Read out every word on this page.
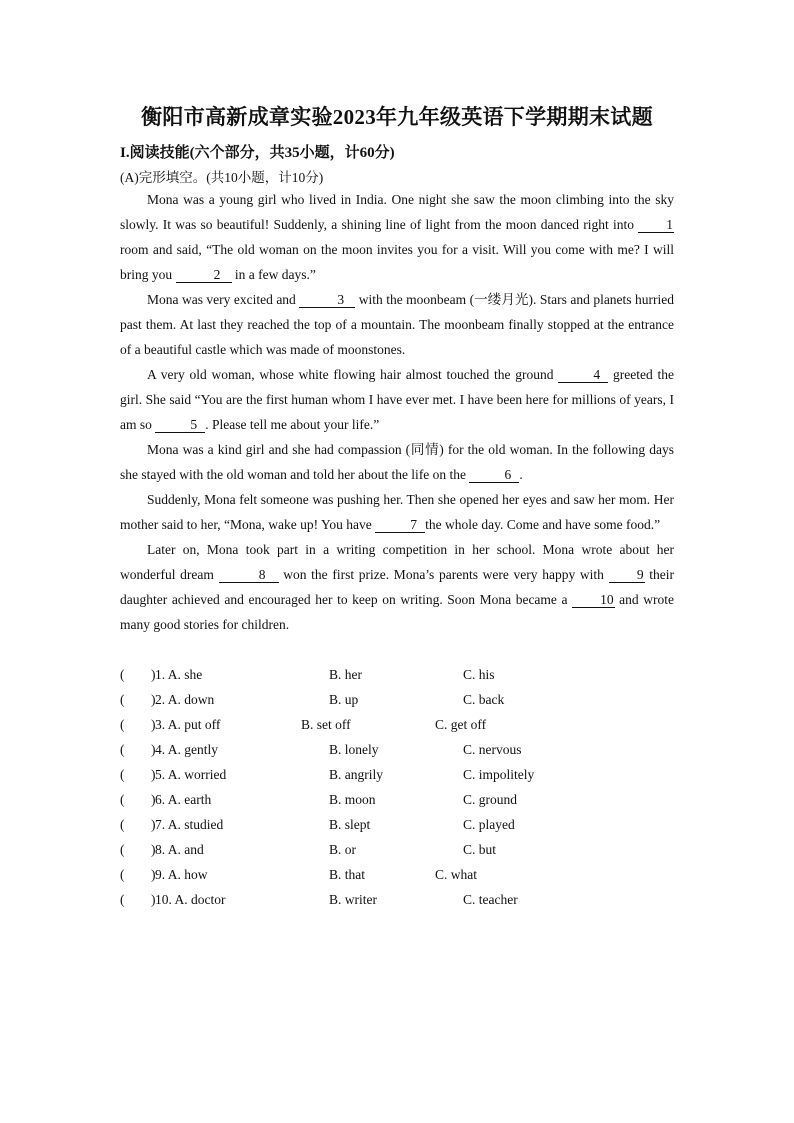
衡阳市高新成章实验2023年九年级英语下学期期末试题
I.阅读技能(六个部分，共35小题，计60分)

(A)完形填空。(共10小题，计10分)

Mona was a young girl who lived in India. One night she saw the moon climbing into the sky slowly. It was so beautiful! Suddenly, a shining line of light from the moon danced right into 1 room and said, “The old woman on the moon invites you for a visit. Will you come with me? I will bring you	2 in a few days.”

Mona was very excited and	3 with the moonbeam (一缕月光). Stars and planets hurried past them. At last they reached the top of a mountain. The moonbeam finally stopped at the entrance of a beautiful castle which was made of moonstones.

A very old woman, whose white flowing hair almost touched the ground	4 greeted the girl. She said “You are the first human whom I have ever met. I have been here for millions of years, I am so	5 . Please tell me about your life.”

Mona was a kind girl and she had compassion (同情) for the old woman. In the following days she stayed with the old woman and told her about the life on the	6 .

Suddenly, Mona felt someone was pushing her. Then she opened her eyes and saw her mom. Her mother said to her, “Mona, wake up! You have	7 the whole day. Come and have some food.”

Later on, Mona took part in a writing competition in her school. Mona wrote about her wonderful dream	8 won the first prize. Mona’s parents were very happy with 9 their daughter achieved and encouraged her to keep on writing. Soon Mona became a 10 and wrote many good stories for children.

( ) 1. A. she	B. her	C. his
( ) 2. A. down	B. up	C. back
( ) 3. A. put off	B. set off	C. get off
( ) 4. A. gently	B. lonely	C. nervous
( ) 5. A. worried	B. angrily	C. impolitely
( ) 6. A. earth	B. moon	C. ground
( ) 7. A. studied	B. slept	C. played
( ) 8. A. and	B. or	C. but
( ) 9. A. how	B. that	C. what
( ) 10. A. doctor	B. writer	C. teacher
